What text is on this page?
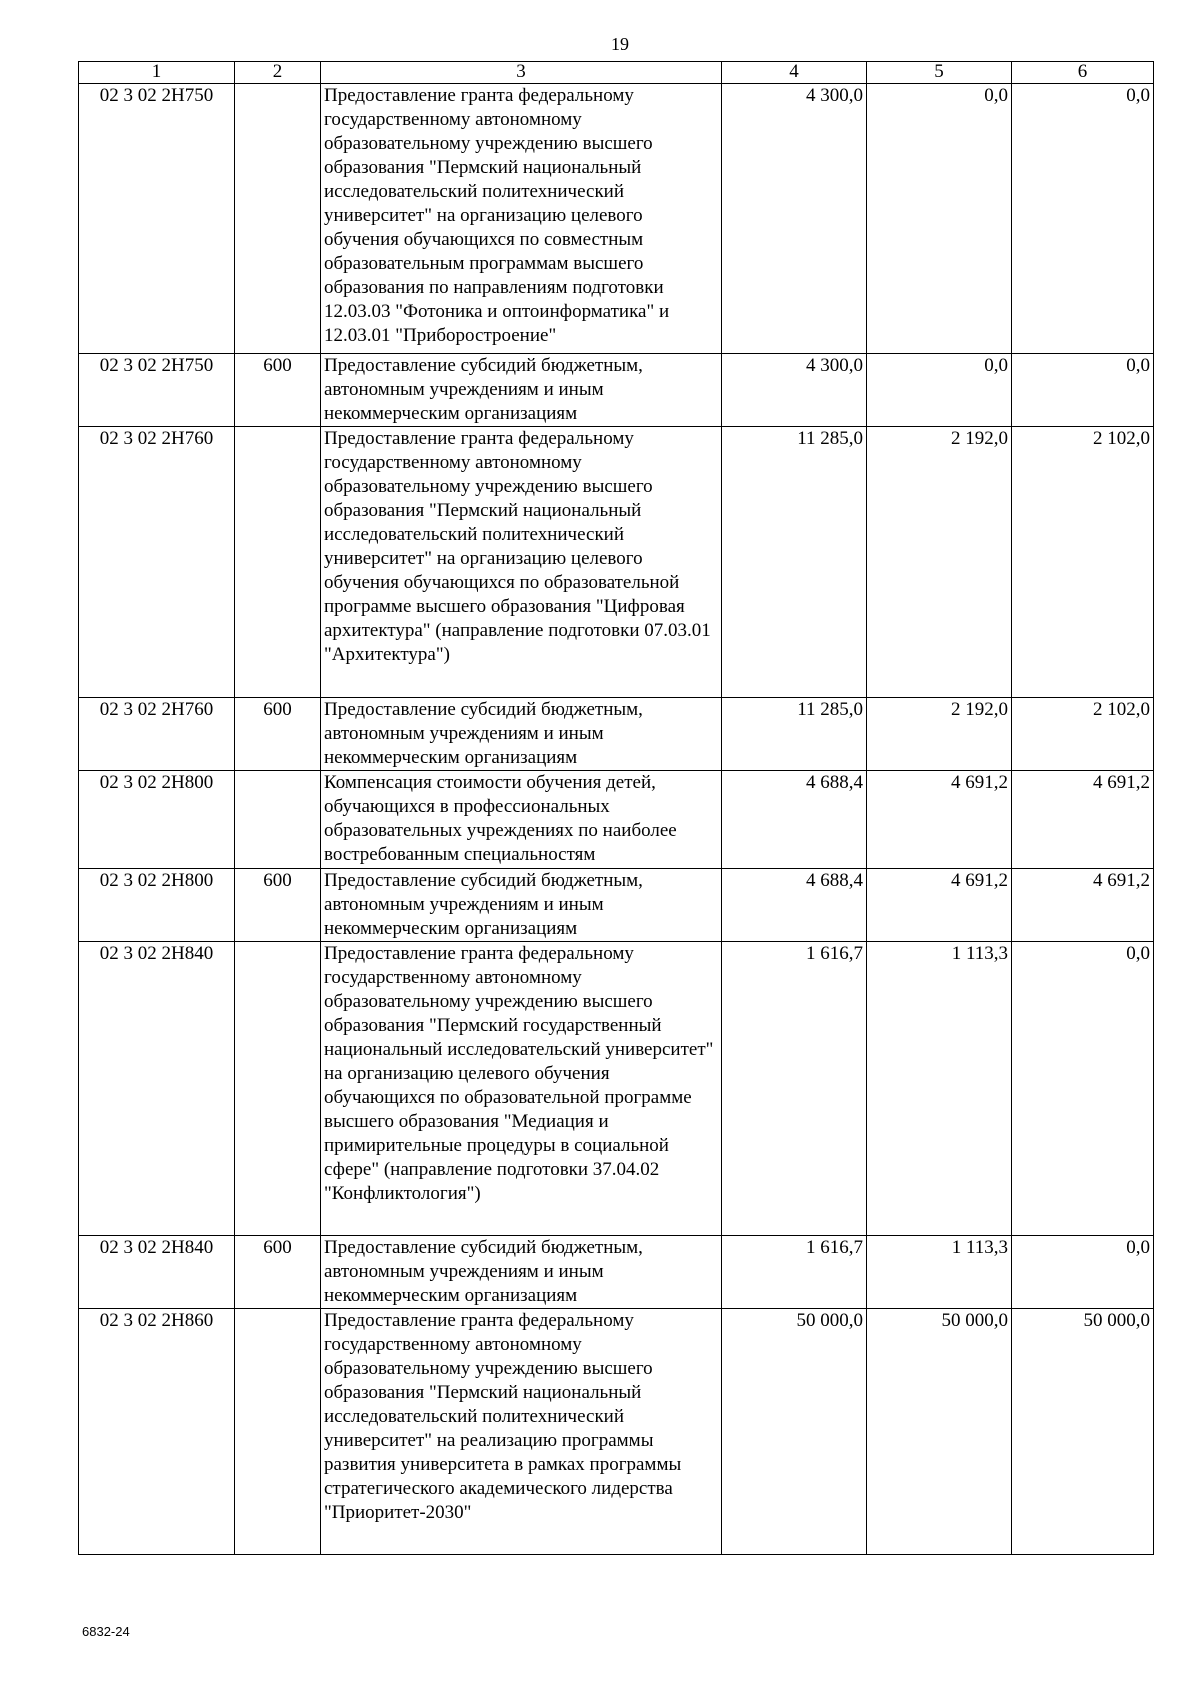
19
1	2	3	4	5	6
02 3 02 2Н750		Предоставление гранта федеральному государственному автономному образовательному учреждению высшего образования "Пермский национальный исследовательский политехнический университет" на организацию целевого обучения обучающихся по совместным образовательным программам высшего образования по направлениям подготовки 12.03.03 "Фотоника и оптоинформатика" и 12.03.01 "Приборостроение"	4 300,0	0,0	0,0
02 3 02 2Н750	600	Предоставление субсидий бюджетным, автономным учреждениям и иным некоммерческим организациям	4 300,0	0,0	0,0
02 3 02 2Н760		Предоставление гранта федеральному государственному автономному образовательному учреждению высшего образования "Пермский национальный исследовательский политехнический университет" на организацию целевого обучения обучающихся по образовательной программе высшего образования "Цифровая архитектура" (направление подготовки 07.03.01 "Архитектура")	11 285,0	2 192,0	2 102,0
02 3 02 2Н760	600	Предоставление субсидий бюджетным, автономным учреждениям и иным некоммерческим организациям	11 285,0	2 192,0	2 102,0
02 3 02 2Н800		Компенсация стоимости обучения детей, обучающихся в профессиональных образовательных учреждениях по наиболее востребованным специальностям	4 688,4	4 691,2	4 691,2
02 3 02 2Н800	600	Предоставление субсидий бюджетным, автономным учреждениям и иным некоммерческим организациям	4 688,4	4 691,2	4 691,2
02 3 02 2Н840		Предоставление гранта федеральному государственному автономному образовательному учреждению высшего образования "Пермский государственный национальный исследовательский университет" на организацию целевого обучения обучающихся по образовательной программе высшего образования "Медиация и примирительные процедуры в социальной сфере" (направление подготовки 37.04.02 "Конфликтология")	1 616,7	1 113,3	0,0
02 3 02 2Н840	600	Предоставление субсидий бюджетным, автономным учреждениям и иным некоммерческим организациям	1 616,7	1 113,3	0,0
02 3 02 2Н860		Предоставление гранта федеральному государственному автономному образовательному учреждению высшего образования "Пермский национальный исследовательский политехнический университет" на реализацию программы развития университета в рамках программы стратегического академического лидерства "Приоритет-2030"	50 000,0	50 000,0	50 000,0
6832-24
